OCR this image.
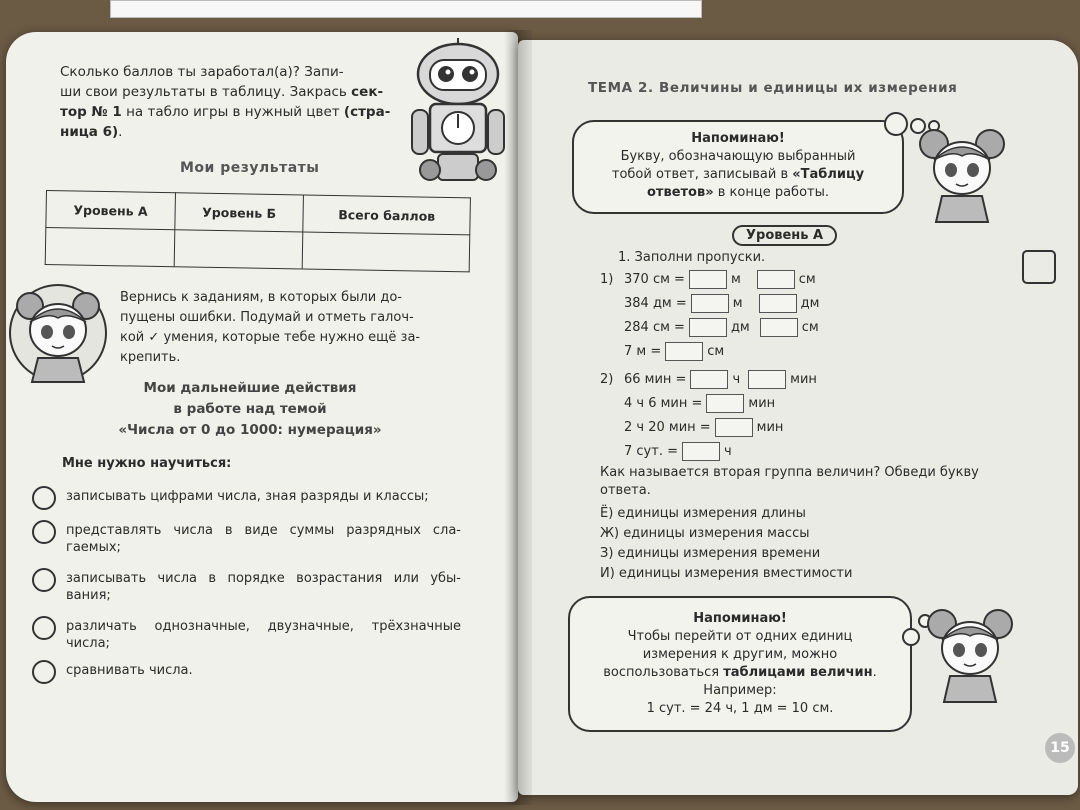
Сколько баллов ты заработал(а)? Запи-
ши свои результаты в таблицу. Закрась сек-
тор № 1 на табло игры в нужный цвет (стра-
ница 6).
Мои результаты
Уровень А	Уровень Б	Всего баллов

Вернись к заданиям, в которых были до-
пущены ошибки. Подумай и отметь галоч-
кой ✓ умения, которые тебе нужно ещё за-
крепить.
Мои дальнейшие действия
в работе над темой
«Числа от 0 до 1000: нумерация»
Мне нужно научиться:
записывать цифрами числа, зная разряды и классы;
представлять числа в виде суммы разрядных сла-гаемых;
записывать числа в порядке возрастания или убы-вания;
различать однозначные, двузначные, трёхзначные числа;
сравнивать числа.
ТЕМА 2. Величины и единицы их измерения
Напоминаю!
Букву, обозначающую выбранный
тобой ответ, записывай в «Таблицу
ответов» в конце работы.
Уровень А
1. Заполни пропуски.
1) 370 см =	м	см
384 дм =	м	дм
284 см =	дм	см
7 м =	см
2) 66 мин =	ч	мин
4 ч 6 мин =	мин
2 ч 20 мин =	мин
7 сут. =	ч
Как называется вторая группа величин? Обведи букву ответа.
Ё) единицы измерения длины
Ж) единицы измерения массы
З) единицы измерения времени
И) единицы измерения вместимости
Напоминаю!
Чтобы перейти от одних единиц
измерения к другим, можно
воспользоваться таблицами величин.
Например:
1 сут. = 24 ч, 1 дм = 10 см.
15
